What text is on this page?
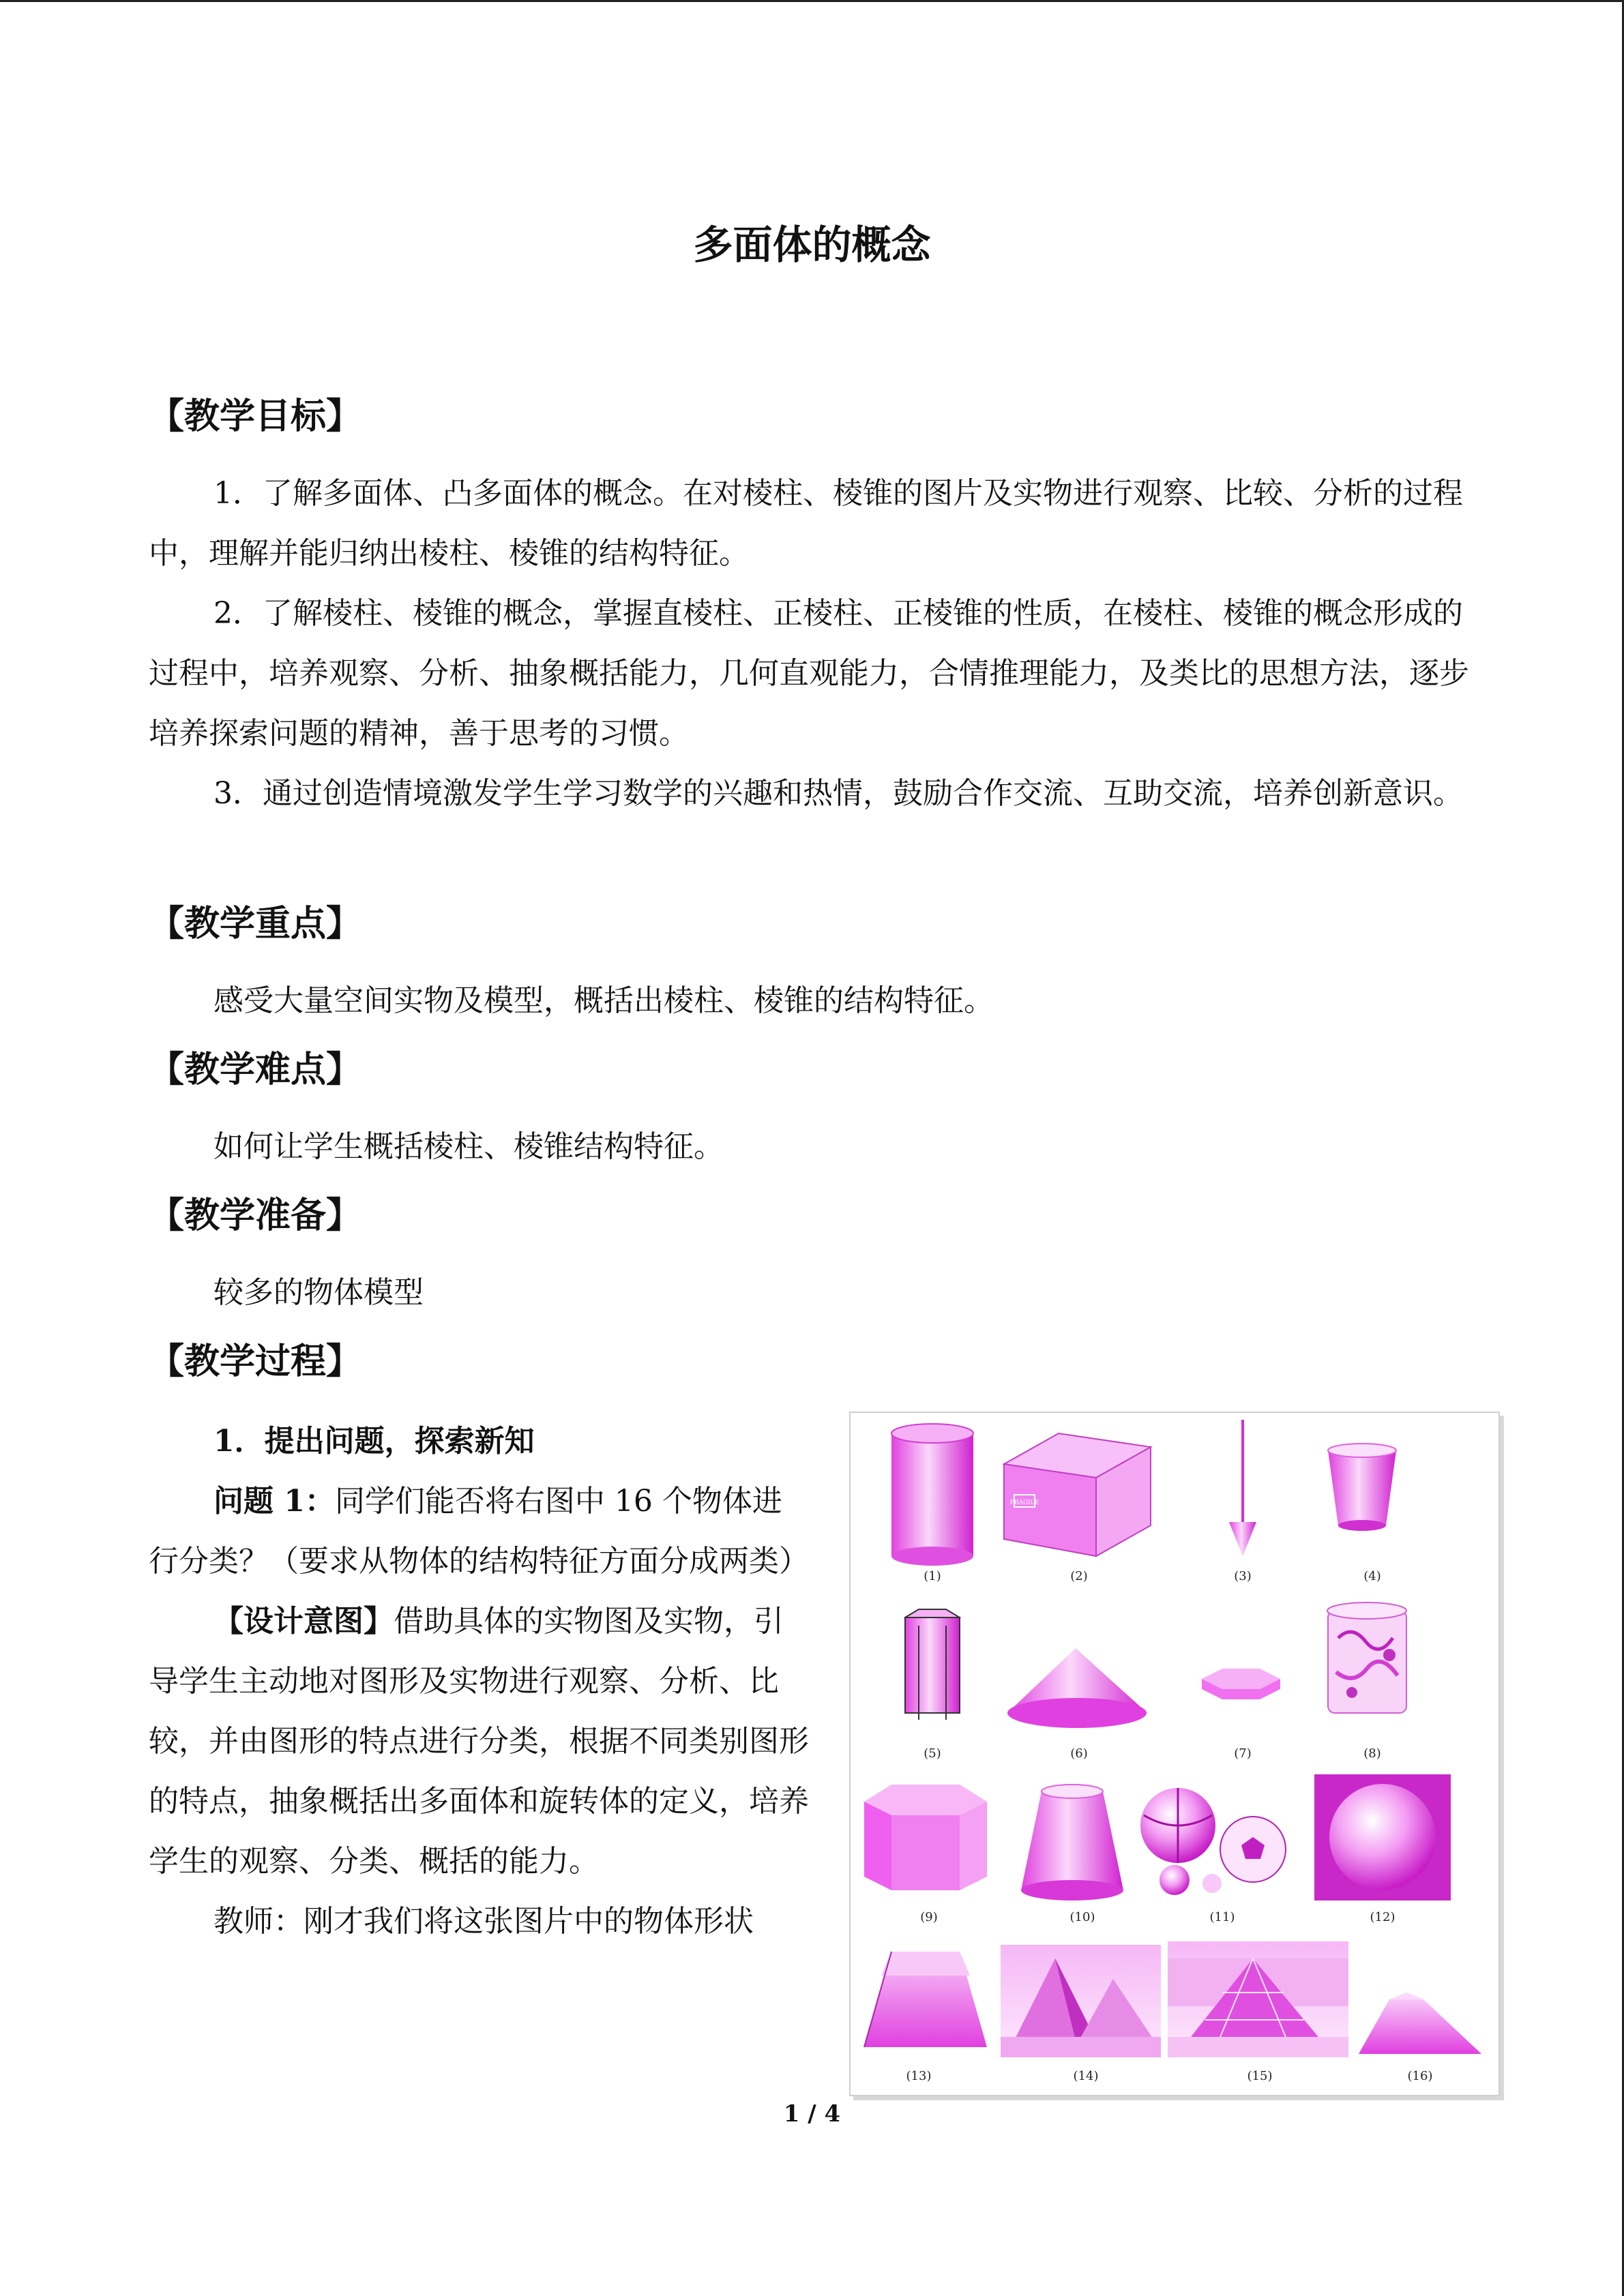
多面体的概念
【教学目标】

1．了解多面体、凸多面体的概念。在对棱柱、棱锥的图片及实物进行观察、比较、分析的过程中，理解并能归纳出棱柱、棱锥的结构特征。

2．了解棱柱、棱锥的概念，掌握直棱柱、正棱柱、正棱锥的性质，在棱柱、棱锥的概念形成的过程中，培养观察、分析、抽象概括能力，几何直观能力，合情推理能力，及类比的思想方法，逐步培养探索问题的精神，善于思考的习惯。

3．通过创造情境激发学生学习数学的兴趣和热情，鼓励合作交流、互助交流，培养创新意识。

【教学重点】

感受大量空间实物及模型，概括出棱柱、棱锥的结构特征。

【教学难点】

如何让学生概括棱柱、棱锥结构特征。

【教学准备】

较多的物体模型

【教学过程】

1．提出问题，探索新知

问题 1：同学们能否将右图中 16 个物体进行分类？（要求从物体的结构特征方面分成两类）

【设计意图】借助具体的实物图及实物，引导学生主动地对图形及实物进行观察、分析、比较，并由图形的特点进行分类，根据不同类别图形的特点，抽象概括出多面体和旋转体的定义，培养学生的观察、分类、概括的能力。

教师：刚才我们将这张图片中的物体形状

FRAGILE
(1)	(2)	(3)	(4)
(5)	(6)	(7)	(8)
(9)	(10)	(11)	(12)
(13)	(14)	(15)	(16)
1 / 4
